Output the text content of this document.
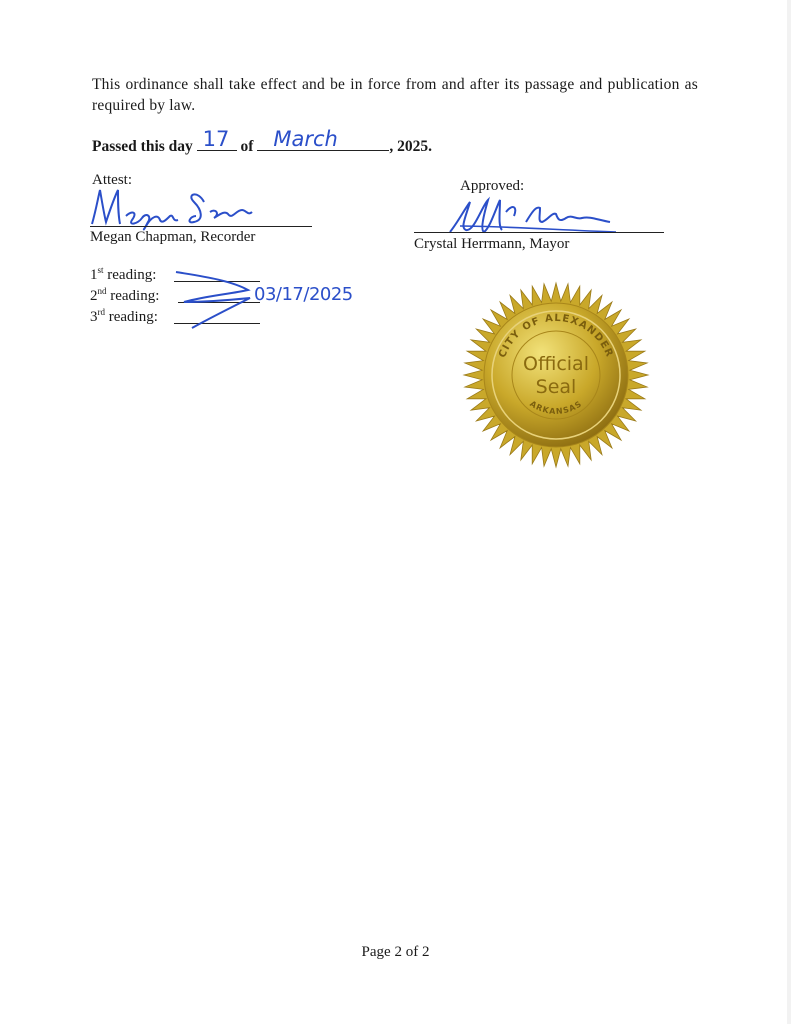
This ordinance shall take effect and be in force from and after its passage and publication as required by law.
Passed this day 17 of March	, 2025.
Attest:
Megan Chapman, Recorder
Approved:
Crystal Herrmann, Mayor
1st reading:
2nd reading:
3rd reading:
03/17/2025
CITY OF ALEXANDER
ARKANSAS
Official
Seal
Page 2 of 2
